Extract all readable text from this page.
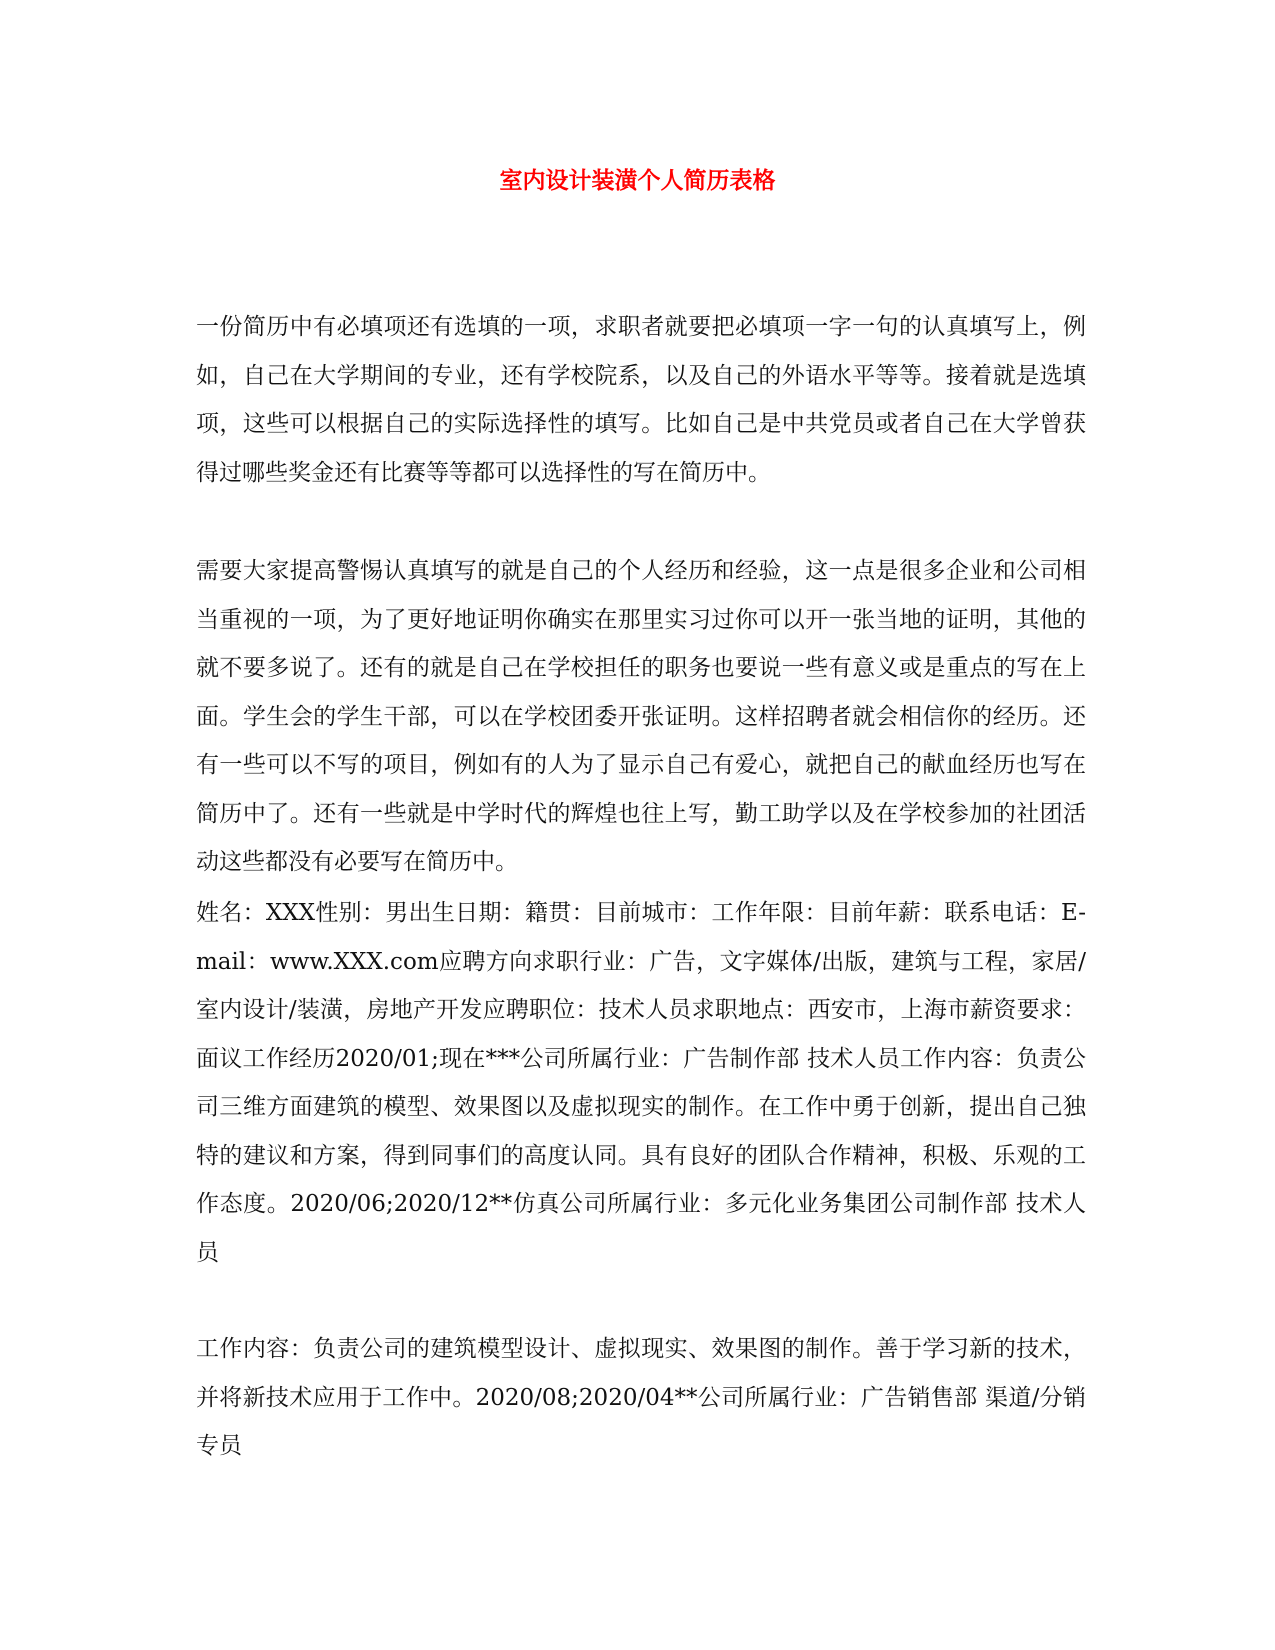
室内设计装潢个人简历表格

一份简历中有必填项还有选填的一项，求职者就要把必填项一字一句的认真填写上，例如，自己在大学期间的专业，还有学校院系，以及自己的外语水平等等。接着就是选填项，这些可以根据自己的实际选择性的填写。比如自己是中共党员或者自己在大学曾获得过哪些奖金还有比赛等等都可以选择性的写在简历中。

需要大家提高警惕认真填写的就是自己的个人经历和经验，这一点是很多企业和公司相当重视的一项，为了更好地证明你确实在那里实习过你可以开一张当地的证明，其他的就不要多说了。还有的就是自己在学校担任的职务也要说一些有意义或是重点的写在上面。学生会的学生干部，可以在学校团委开张证明。这样招聘者就会相信你的经历。还有一些可以不写的项目，例如有的人为了显示自己有爱心，就把自己的献血经历也写在简历中了。还有一些就是中学时代的辉煌也往上写，勤工助学以及在学校参加的社团活动这些都没有必要写在简历中。

姓名：XXX性别：男出生日期：籍贯：目前城市：工作年限：目前年薪：联系电话：E-mail：www.XXX.com应聘方向求职行业：广告，文字媒体/出版，建筑与工程，家居/室内设计/装潢，房地产开发应聘职位：技术人员求职地点：西安市，上海市薪资要求：面议工作经历2020/01;现在***公司所属行业：广告制作部 技术人员工作内容：负责公司三维方面建筑的模型、效果图以及虚拟现实的制作。在工作中勇于创新，提出自己独特的建议和方案，得到同事们的高度认同。具有良好的团队合作精神，积极、乐观的工作态度。2020/06;2020/12**仿真公司所属行业：多元化业务集团公司制作部 技术人员

工作内容：负责公司的建筑模型设计、虚拟现实、效果图的制作。善于学习新的技术，并将新技术应用于工作中。2020/08;2020/04**公司所属行业：广告销售部 渠道/分销专员
